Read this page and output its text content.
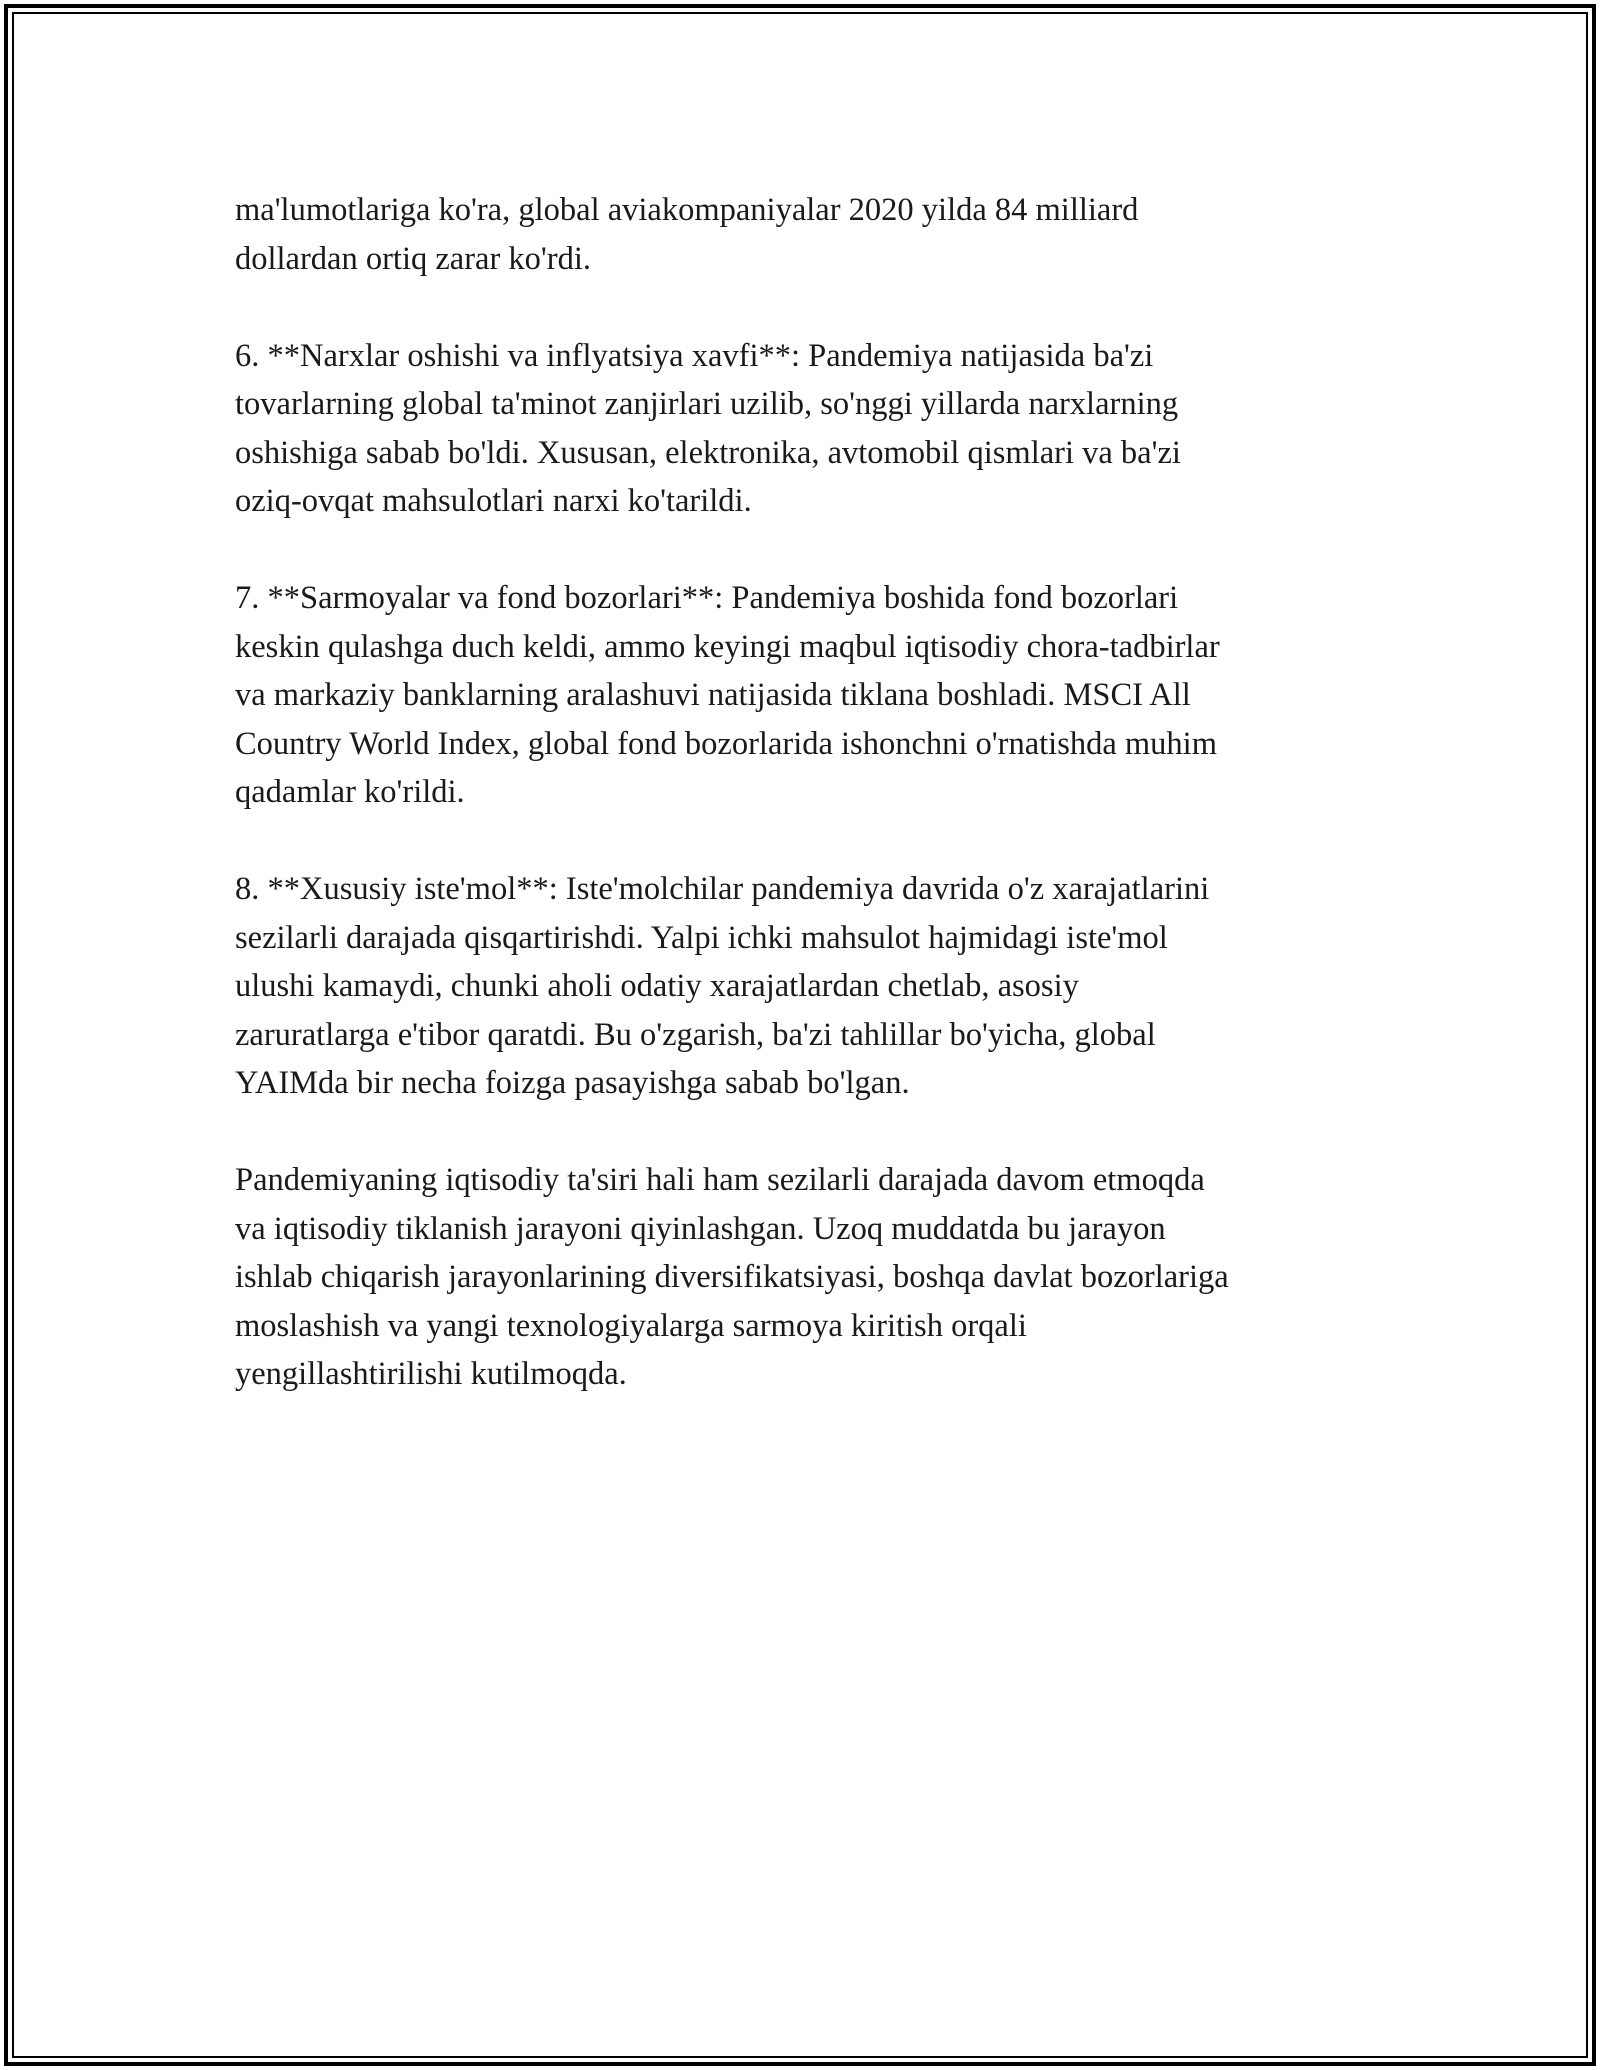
ma'lumotlariga ko'ra, global aviakompaniyalar 2020 yilda 84 milliard
dollardan ortiq zarar ko'rdi.

6. **Narxlar oshishi va inflyatsiya xavfi**: Pandemiya natijasida ba'zi
tovarlarning global ta'minot zanjirlari uzilib, so'nggi yillarda narxlarning
oshishiga sabab bo'ldi. Xususan, elektronika, avtomobil qismlari va ba'zi
oziq-ovqat mahsulotlari narxi ko'tarildi.

7. **Sarmoyalar va fond bozorlari**: Pandemiya boshida fond bozorlari
keskin qulashga duch keldi, ammo keyingi maqbul iqtisodiy chora-tadbirlar
va markaziy banklarning aralashuvi natijasida tiklana boshladi. MSCI All
Country World Index, global fond bozorlarida ishonchni o'rnatishda muhim
qadamlar ko'rildi.

8. **Xususiy iste'mol**: Iste'molchilar pandemiya davrida o'z xarajatlarini
sezilarli darajada qisqartirishdi. Yalpi ichki mahsulot hajmidagi iste'mol
ulushi kamaydi, chunki aholi odatiy xarajatlardan chetlab, asosiy
zaruratlarga e'tibor qaratdi. Bu o'zgarish, ba'zi tahlillar bo'yicha, global
YAIMda bir necha foizga pasayishga sabab bo'lgan.

Pandemiyaning iqtisodiy ta'siri hali ham sezilarli darajada davom etmoqda
va iqtisodiy tiklanish jarayoni qiyinlashgan. Uzoq muddatda bu jarayon
ishlab chiqarish jarayonlarining diversifikatsiyasi, boshqa davlat bozorlariga
moslashish va yangi texnologiyalarga sarmoya kiritish orqali
yengillashtirilishi kutilmoqda.
